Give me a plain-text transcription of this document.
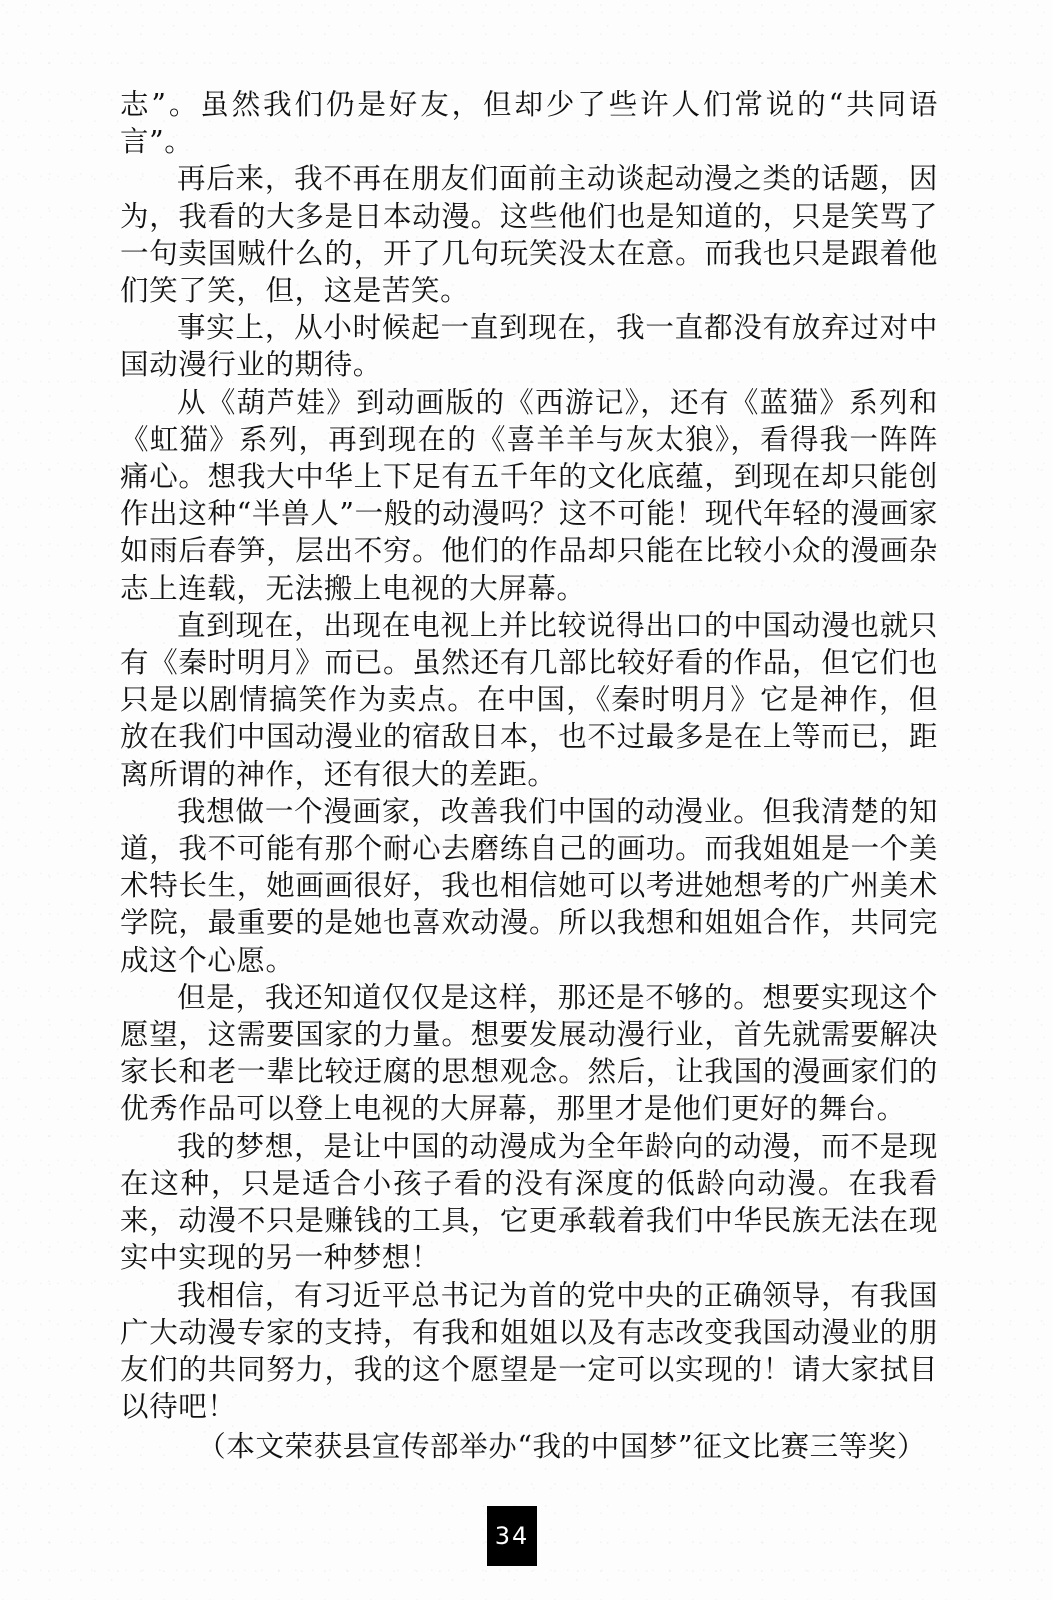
志”。虽然我们仍是好友，但却少了些许人们常说的“共同语言”。

再后来，我不再在朋友们面前主动谈起动漫之类的话题，因为，我看的大多是日本动漫。这些他们也是知道的，只是笑骂了一句卖国贼什么的，开了几句玩笑没太在意。而我也只是跟着他们笑了笑，但，这是苦笑。

事实上，从小时候起一直到现在，我一直都没有放弃过对中国动漫行业的期待。

从《葫芦娃》到动画版的《西游记》，还有《蓝猫》系列和《虹猫》系列，再到现在的《喜羊羊与灰太狼》，看得我一阵阵痛心。想我大中华上下足有五千年的文化底蕴，到现在却只能创作出这种“半兽人”一般的动漫吗？这不可能！现代年轻的漫画家如雨后春笋，层出不穷。他们的作品却只能在比较小众的漫画杂志上连载，无法搬上电视的大屏幕。

直到现在，出现在电视上并比较说得出口的中国动漫也就只有《秦时明月》而已。虽然还有几部比较好看的作品，但它们也只是以剧情搞笑作为卖点。在中国，《秦时明月》它是神作，但放在我们中国动漫业的宿敌日本，也不过最多是在上等而已，距离所谓的神作，还有很大的差距。

我想做一个漫画家，改善我们中国的动漫业。但我清楚的知道，我不可能有那个耐心去磨练自己的画功。而我姐姐是一个美术特长生，她画画很好，我也相信她可以考进她想考的广州美术学院，最重要的是她也喜欢动漫。所以我想和姐姐合作，共同完成这个心愿。

但是，我还知道仅仅是这样，那还是不够的。想要实现这个愿望，这需要国家的力量。想要发展动漫行业，首先就需要解决家长和老一辈比较迂腐的思想观念。然后，让我国的漫画家们的优秀作品可以登上电视的大屏幕，那里才是他们更好的舞台。

我的梦想，是让中国的动漫成为全年龄向的动漫，而不是现在这种，只是适合小孩子看的没有深度的低龄向动漫。在我看来，动漫不只是赚钱的工具，它更承载着我们中华民族无法在现实中实现的另一种梦想！

我相信，有习近平总书记为首的党中央的正确领导，有我国广大动漫专家的支持，有我和姐姐以及有志改变我国动漫业的朋友们的共同努力，我的这个愿望是一定可以实现的！请大家拭目以待吧！

（本文荣获县宣传部举办“我的中国梦”征文比赛三等奖）

34
